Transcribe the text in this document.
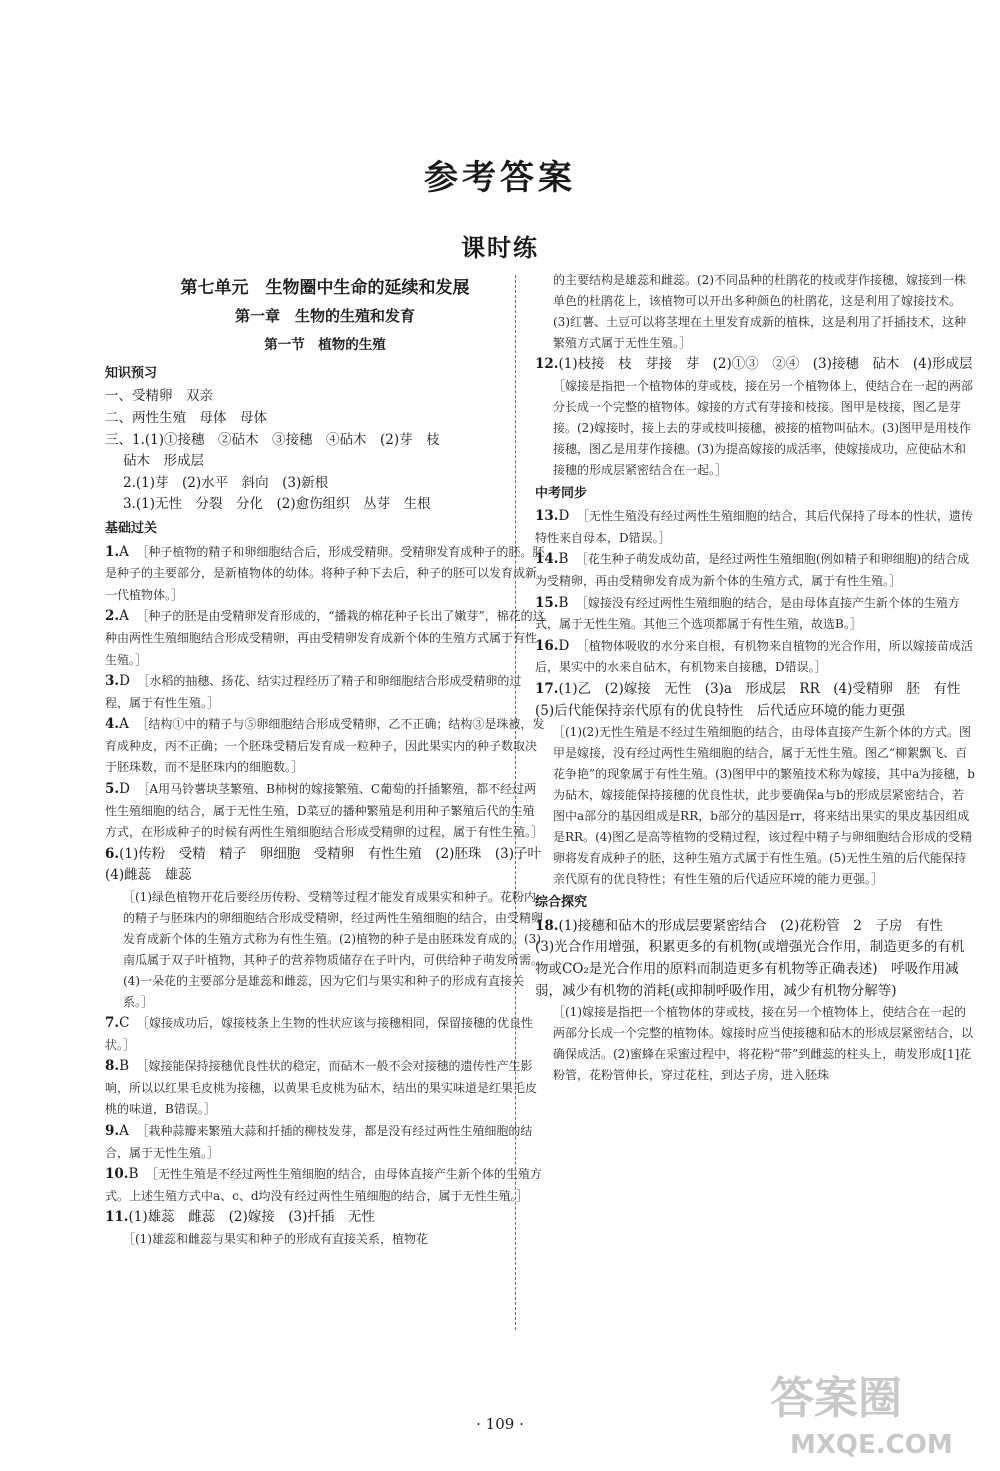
参考答案
课时练
第七单元　生物圈中生命的延续和发展
第一章　生物的生殖和发育
第一节　植物的生殖
知识预习
一、受精卵　双亲
二、两性生殖　母体　母体
三、1.(1)①接穗　②砧木　③接穗　④砧木　(2)芽　枝
砧木　形成层
2.(1)芽　(2)水平　斜向　(3)新根
3.(1)无性　分裂　分化　(2)愈伤组织　丛芽　生根
基础过关
1.A　［种子植物的精子和卵细胞结合后，形成受精卵。受精卵发育成种子的胚。胚是种子的主要部分，是新植物体的幼体。将种子种下去后，种子的胚可以发育成新一代植物体。］
2.A　［种子的胚是由受精卵发育形成的，“播栽的棉花种子长出了嫩芽”，棉花的这种由两性生殖细胞结合形成受精卵，再由受精卵发育成新个体的生殖方式属于有性生殖。］
3.D　［水稻的抽穗、扬花、结实过程经历了精子和卵细胞结合形成受精卵的过程，属于有性生殖。］
4.A　［结构①中的精子与⑤卵细胞结合形成受精卵，乙不正确；结构③是珠被，发育成种皮，丙不正确；一个胚珠受精后发育成一粒种子，因此果实内的种子数取决于胚珠数，而不是胚珠内的细胞数。］
5.D　［A用马铃薯块茎繁殖、B柿树的嫁接繁殖、C葡萄的扦插繁殖，都不经过两性生殖细胞的结合，属于无性生殖，D菜豆的播种繁殖是利用种子繁殖后代的生殖方式，在形成种子的时候有两性生殖细胞结合形成受精卵的过程，属于有性生殖。］
6.(1)传粉　受精　精子　卵细胞　受精卵　有性生殖　(2)胚珠　(3)子叶　(4)雌蕊　雄蕊　
［(1)绿色植物开花后要经历传粉、受精等过程才能发育成果实和种子。花粉内的精子与胚珠内的卵细胞结合形成受精卵，经过两性生殖细胞的结合，由受精卵发育成新个体的生殖方式称为有性生殖。(2)植物的种子是由胚珠发育成的。(3)南瓜属于双子叶植物，其种子的营养物质储存在子叶内，可供给种子萌发所需。(4)一朵花的主要部分是雄蕊和雌蕊，因为它们与果实和种子的形成有直接关系。］
7.C　［嫁接成功后，嫁接枝条上生物的性状应该与接穗相同，保留接穗的优良性状。］
8.B　［嫁接能保持接穗优良性状的稳定，而砧木一般不会对接穗的遗传性产生影响，所以以红果毛皮桃为接穗，以黄果毛皮桃为砧木，结出的果实味道是红果毛皮桃的味道，B错误。］
9.A　［栽种蒜瓣来繁殖大蒜和扦插的柳枝发芽，都是没有经过两性生殖细胞的结合，属于无性生殖。］
10.B　［无性生殖是不经过两性生殖细胞的结合，由母体直接产生新个体的生殖方式。上述生殖方式中a、c、d均没有经过两性生殖细胞的结合，属于无性生殖。］
11.(1)雄蕊　雌蕊　(2)嫁接　(3)扦插　无性　
［(1)雄蕊和雌蕊与果实和种子的形成有直接关系，植物花
的主要结构是雄蕊和雌蕊。(2)不同品种的杜鹃花的枝或芽作接穗，嫁接到一株单色的杜鹃花上，该植物可以开出多种颜色的杜鹃花，这是利用了嫁接技术。(3)红薯、土豆可以将茎埋在土里发育成新的植株，这是利用了扦插技术，这种繁殖方式属于无性生殖。］
12.(1)枝接　枝　芽接　芽　(2)①③　②④　(3)接穗　砧木　(4)形成层　
［嫁接是指把一个植物体的芽或枝，接在另一个植物体上，使结合在一起的两部分长成一个完整的植物体。嫁接的方式有芽接和枝接。图甲是枝接，图乙是芽接。(2)嫁接时，接上去的芽或枝叫接穗，被接的植物叫砧木。(3)图甲是用枝作接穗，图乙是用芽作接穗。(3)为提高嫁接的成活率，使嫁接成功，应使砧木和接穗的形成层紧密结合在一起。］
中考同步
13.D　［无性生殖没有经过两性生殖细胞的结合，其后代保持了母本的性状，遗传特性来自母本，D错误。］
14.B　［花生种子萌发成幼苗，是经过两性生殖细胞(例如精子和卵细胞)的结合成为受精卵，再由受精卵发育成为新个体的生殖方式，属于有性生殖。］
15.B　［嫁接没有经过两性生殖细胞的结合，是由母体直接产生新个体的生殖方式，属于无性生殖。其他三个选项都属于有性生殖，故选B。］
16.D　［植物体吸收的水分来自根，有机物来自植物的光合作用，所以嫁接苗成活后，果实中的水来自砧木，有机物来自接穗，D错误。］
17.(1)乙　(2)嫁接　无性　(3)a　形成层　RR　(4)受精卵　胚　有性　(5)后代能保持亲代原有的优良特性　后代适应环境的能力更强　
［(1)(2)无性生殖是不经过生殖细胞的结合，由母体直接产生新个体的方式。图甲是嫁接，没有经过两性生殖细胞的结合，属于无性生殖。图乙“柳絮飘飞、百花争艳”的现象属于有性生殖。(3)图甲中的繁殖技术称为嫁接，其中a为接穗，b为砧木，嫁接能保持接穗的优良性状，此步要确保a与b的形成层紧密结合，若图中a部分的基因组成是RR，b部分的基因是rr，将来结出果实的果皮基因组成是RR。(4)图乙是高等植物的受精过程，该过程中精子与卵细胞结合形成的受精卵将发育成种子的胚，这种生殖方式属于有性生殖。(5)无性生殖的后代能保持亲代原有的优良特性；有性生殖的后代适应环境的能力更强。］
综合探究
18.(1)接穗和砧木的形成层要紧密结合　(2)花粉管　2　子房　有性　(3)光合作用增强，积累更多的有机物(或增强光合作用，制造更多的有机物或CO₂是光合作用的原料而制造更多有机物等正确表述)　呼吸作用减弱，减少有机物的消耗(或抑制呼吸作用，减少有机物分解等)　
［(1)嫁接是指把一个植物体的芽或枝，接在另一个植物体上，使结合在一起的两部分长成一个完整的植物体。嫁接时应当使接穗和砧木的形成层紧密结合，以确保成活。(2)蜜蜂在采蜜过程中，将花粉“带”到雌蕊的柱头上，萌发形成[1]花粉管，花粉管伸长，穿过花柱，到达子房，进入胚珠
· 109 ·	答案圈
MXQE.COM
